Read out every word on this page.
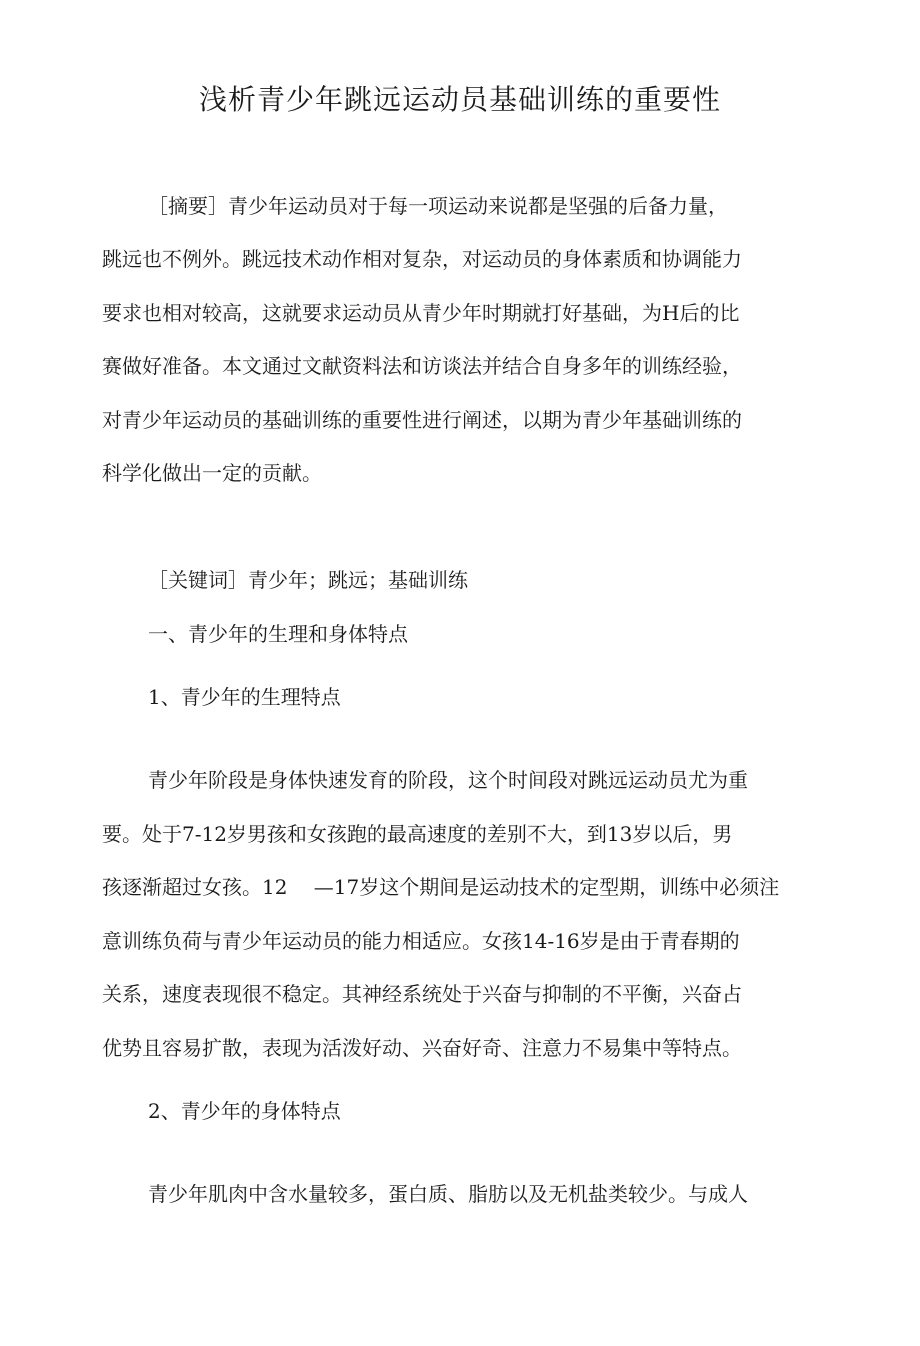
浅析青少年跳远运动员基础训练的重要性
［摘要］青少年运动员对于每一项运动来说都是坚强的后备力量，
跳远也不例外。跳远技术动作相对复杂，对运动员的身体素质和协调能力
要求也相对较高，这就要求运动员从青少年时期就打好基础，为H后的比
赛做好准备。本文通过文献资料法和访谈法并结合自身多年的训练经验，
对青少年运动员的基础训练的重要性进行阐述，以期为青少年基础训练的
科学化做出一定的贡献。
［关键词］青少年；跳远；基础训练
一、青少年的生理和身体特点
1、青少年的生理特点
青少年阶段是身体快速发育的阶段，这个时间段对跳远运动员尤为重
要。处于7-12岁男孩和女孩跑的最高速度的差别不大，到13岁以后，男
孩逐渐超过女孩。12　 —17岁这个期间是运动技术的定型期，训练中必须注
意训练负荷与青少年运动员的能力相适应。女孩14-16岁是由于青春期的
关系，速度表现很不稳定。其神经系统处于兴奋与抑制的不平衡，兴奋占
优势且容易扩散，表现为活泼好动、兴奋好奇、注意力不易集中等特点。
2、青少年的身体特点
青少年肌肉中含水量较多，蛋白质、脂肪以及无机盐类较少。与成人
